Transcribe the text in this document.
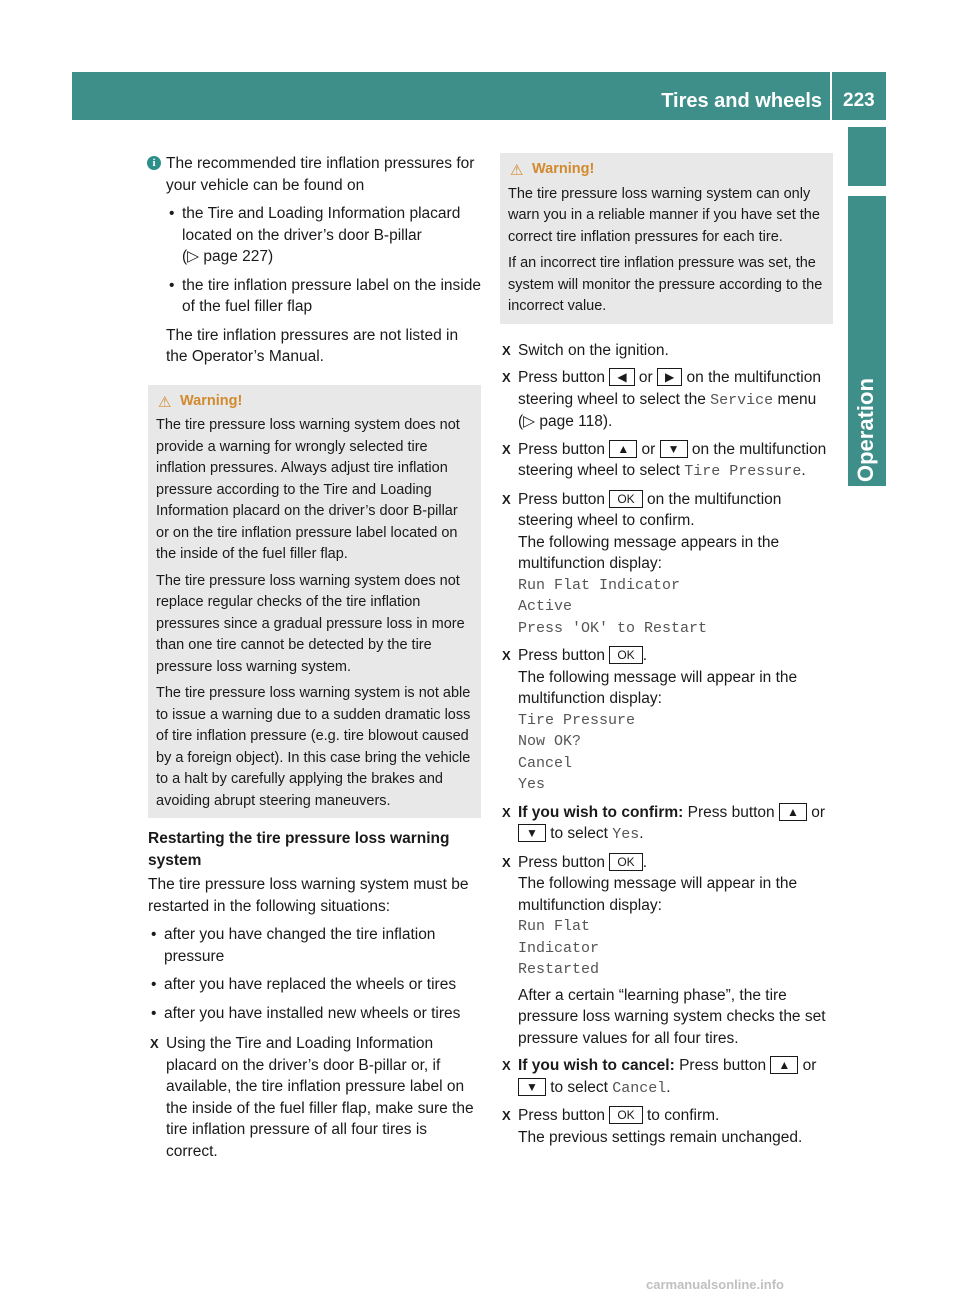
Tires and wheels 223
Operation
i The recommended tire inflation pressures for your vehicle can be found on

• the Tire and Loading Information placard located on the driver’s door B-pillar
(▷ page 227)
• the tire inflation pressure label on the inside of the fuel filler flap

The tire inflation pressures are not listed in the Operator’s Manual.

⚠ Warning!

The tire pressure loss warning system does not provide a warning for wrongly selected tire inflation pressures. Always adjust tire inflation pressure according to the Tire and Loading Information placard on the driver’s door B-pillar or on the tire inflation pressure label located on the inside of the fuel filler flap.

The tire pressure loss warning system does not replace regular checks of the tire inflation pressures since a gradual pressure loss in more than one tire cannot be detected by the tire pressure loss warning system.

The tire pressure loss warning system is not able to issue a warning due to a sudden dramatic loss of tire inflation pressure (e.g. tire blowout caused by a foreign object). In this case bring the vehicle to a halt by carefully applying the brakes and avoiding abrupt steering maneuvers.

Restarting the tire pressure loss warning system

The tire pressure loss warning system must be restarted in the following situations:

• after you have changed the tire inflation pressure
• after you have replaced the wheels or tires
• after you have installed new wheels or tires
X Using the Tire and Loading Information placard on the driver’s door B-pillar or, if available, the tire inflation pressure label on the inside of the fuel filler flap, make sure the tire inflation pressure of all four tires is correct.
⚠ Warning!

The tire pressure loss warning system can only warn you in a reliable manner if you have set the correct tire inflation pressures for each tire.

If an incorrect tire inflation pressure was set, the system will monitor the pressure according to the incorrect value.

X Switch on the ignition.
X Press button ◀ or ▶ on the multifunction steering wheel to select the Service menu (▷ page 118).
X Press button ▲ or ▼ on the multifunction steering wheel to select Tire Pressure.
X Press button OK on the multifunction steering wheel to confirm.
The following message appears in the multifunction display:
Run Flat Indicator
Active
Press 'OK' to Restart
X Press button OK .
The following message will appear in the multifunction display:
Tire Pressure
Now OK?
Cancel
Yes
X If you wish to confirm: Press button ▲ or ▼ to select Yes.
X Press button OK .
The following message will appear in the multifunction display:
Run Flat
Indicator
Restarted
After a certain “learning phase”, the tire pressure loss warning system checks the set pressure values for all four tires.
X If you wish to cancel: Press button ▲ or ▼ to select Cancel.
X Press button OK to confirm.
The previous settings remain unchanged.
carmanualsonline.info
